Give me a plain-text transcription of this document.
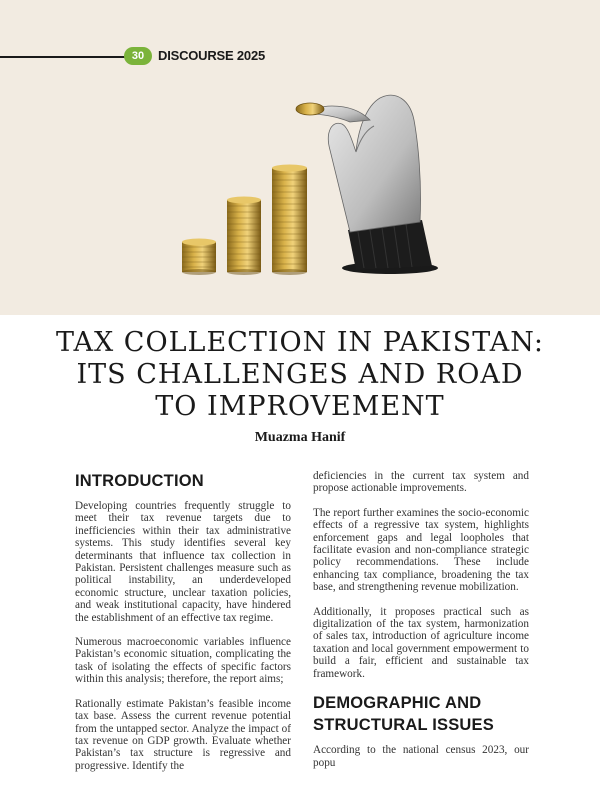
30	DISCOURSE 2025
TAX COLLECTION IN PAKISTAN:
ITS CHALLENGES AND ROAD
TO IMPROVEMENT
Muazma Hanif
INTRODUCTION

Developing countries frequently struggle to meet their tax revenue targets due to inefficiencies within their tax administrative systems. This study identifies several key determinants that influence tax collection in Pakistan. Persistent challenges measure such as political instability, an underdeveloped economic structure, unclear taxation policies, and weak institutional capacity, have hindered the establishment of an effective tax regime.

Numerous macroeconomic variables influence Pakistan’s economic situation, complicating the task of isolating the effects of specific factors within this analysis; therefore, the report aims;

Rationally estimate Pakistan’s feasible income tax base. Assess the current revenue potential from the untapped sector. Analyze the impact of tax revenue on GDP growth. Evaluate whether Pakistan’s tax structure is regressive and progressive. Identify the

deficiencies in the current tax system and propose actionable improvements.

The report further examines the socio-economic effects of a regressive tax system, highlights enforcement gaps and legal loopholes that facilitate evasion and non-compliance strategic policy recommendations. These include enhancing tax compliance, broadening the tax base, and strengthening revenue mobilization.

Additionally, it proposes practical such as digitalization of the tax system, harmonization of sales tax, introduction of agriculture income taxation and local government empowerment to build a fair, efficient and sustainable tax framework.

DEMOGRAPHIC AND
STRUCTURAL ISSUES

According to the national census 2023, our popu
